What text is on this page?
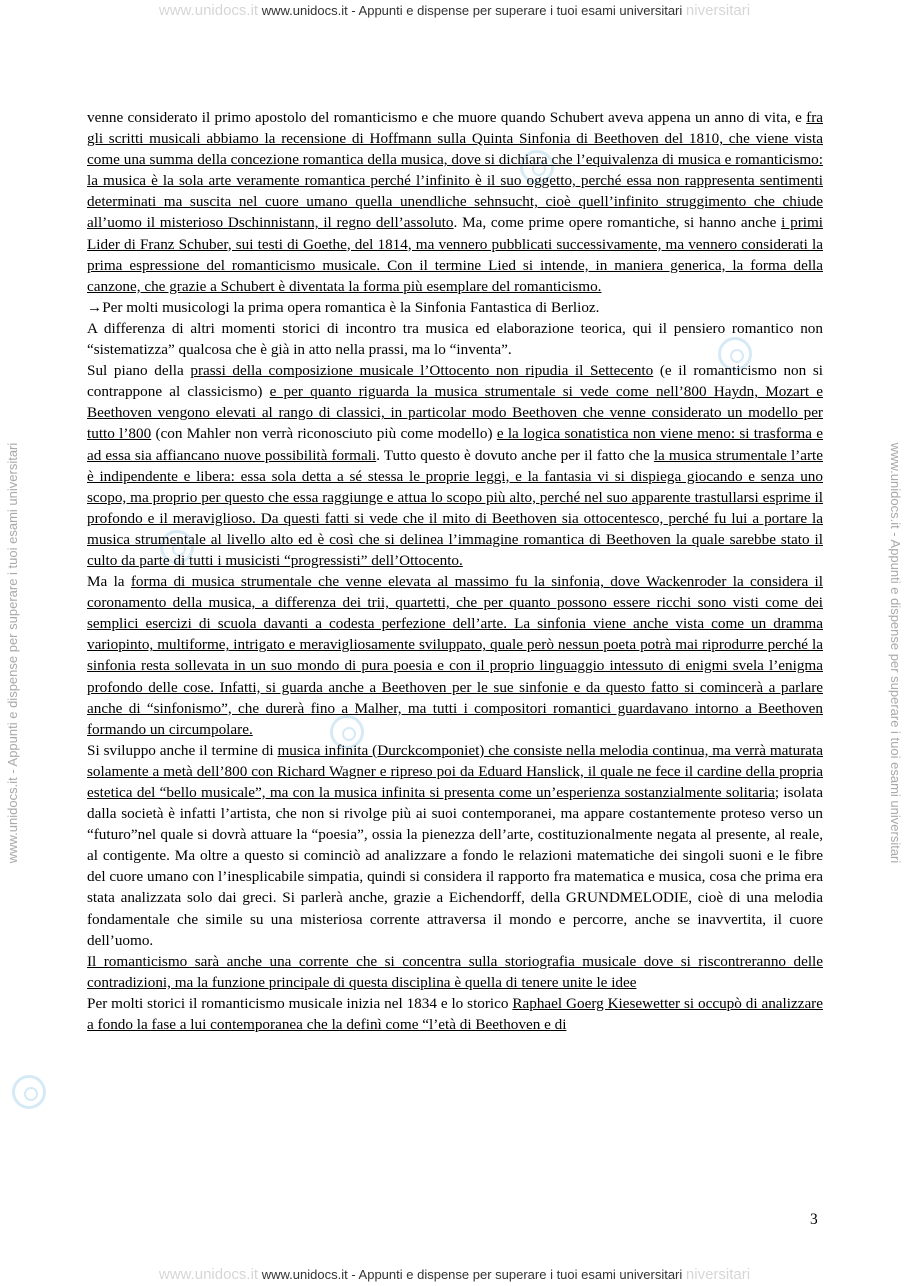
www.unidocs.it www.unidocs.it - Appunti e dispense per superare i tuoi esami universitari niversitari
www.unidocs.it - Appunti e dispense per superare i tuoi esami universitari	www.unidocs.it - Appunti e dispense per superare i tuoi esami universitari

venne considerato il primo apostolo del romanticismo e che muore quando Schubert aveva appena un anno di vita, e fra gli scritti musicali abbiamo la recensione di Hoffmann sulla Quinta Sinfonia di Beethoven del 1810, che viene vista come una summa della concezione romantica della musica, dove si dichiara che l’equivalenza di musica e romanticismo: la musica è la sola arte veramente romantica perché l’infinito è il suo oggetto, perché essa non rappresenta sentimenti determinati ma suscita nel cuore umano quella unendliche sehnsucht, cioè quell’infinito struggimento che chiude all’uomo il misterioso Dschinnistann, il regno dell’assoluto. Ma, come prime opere romantiche, si hanno anche i primi Lider di Franz Schuber, sui testi di Goethe, del 1814, ma vennero pubblicati successivamente, ma vennero considerati la prima espressione del romanticismo musicale. Con il termine Lied si intende, in maniera generica, la forma della canzone, che grazie a Schubert è diventata la forma più esemplare del romanticismo.

→Per molti musicologi la prima opera romantica è la Sinfonia Fantastica di Berlioz.

A differenza di altri momenti storici di incontro tra musica ed elaborazione teorica, qui il pensiero romantico non “sistematizza” qualcosa che è già in atto nella prassi, ma lo “inventa”.

Sul piano della prassi della composizione musicale l’Ottocento non ripudia il Settecento (e il romanticismo non si contrappone al classicismo) e per quanto riguarda la musica strumentale si vede come nell’800 Haydn, Mozart e Beethoven vengono elevati al rango di classici, in particolar modo Beethoven che venne considerato un modello per tutto l’800 (con Mahler non verrà riconosciuto più come modello) e la logica sonatistica non viene meno: si trasforma e ad essa sia affiancano nuove possibilità formali. Tutto questo è dovuto anche per il fatto che la musica strumentale l’arte è indipendente e libera: essa sola detta a sé stessa le proprie leggi, e la fantasia vi si dispiega giocando e senza uno scopo, ma proprio per questo che essa raggiunge e attua lo scopo più alto, perché nel suo apparente trastullarsi esprime il profondo e il meraviglioso. Da questi fatti si vede che il mito di Beethoven sia ottocentesco, perché fu lui a portare la musica strumentale al livello alto ed è così che si delinea l’immagine romantica di Beethoven la quale sarebbe stato il culto da parte di tutti i musicisti “progressisti” dell’Ottocento.

Ma la forma di musica strumentale che venne elevata al massimo fu la sinfonia, dove Wackenroder la considera il coronamento della musica, a differenza dei trii, quartetti, che per quanto possono essere ricchi sono visti come dei semplici esercizi di scuola davanti a codesta perfezione dell’arte. La sinfonia viene anche vista come un dramma variopinto, multiforme, intrigato e meravigliosamente sviluppato, quale però nessun poeta potrà mai riprodurre perché la sinfonia resta sollevata in un suo mondo di pura poesia e con il proprio linguaggio intessuto di enigmi svela l’enigma profondo delle cose. Infatti, si guarda anche a Beethoven per le sue sinfonie e da questo fatto si comincerà a parlare anche di “sinfonismo”, che durerà fino a Malher, ma tutti i compositori romantici guardavano intorno a Beethoven formando un circumpolare.

Si sviluppo anche il termine di musica infinita (Durckcomponiet) che consiste nella melodia continua, ma verrà maturata solamente a metà dell’800 con Richard Wagner e ripreso poi da Eduard Hanslick, il quale ne fece il cardine della propria estetica del “bello musicale”, ma con la musica infinita si presenta come un’esperienza sostanzialmente solitaria; isolata dalla società è infatti l’artista, che non si rivolge più ai suoi contemporanei, ma appare costantemente proteso verso un “futuro”nel quale si dovrà attuare la “poesia”, ossia la pienezza dell’arte, costituzionalmente negata al presente, al reale, al contigente. Ma oltre a questo si cominciò ad analizzare a fondo le relazioni matematiche dei singoli suoni e le fibre del cuore umano con l’inesplicabile simpatia, quindi si considera il rapporto fra matematica e musica, cosa che prima era stata analizzata solo dai greci. Si parlerà anche, grazie a Eichendorff, della GRUNDMELODIE, cioè di una melodia fondamentale che simile su una misteriosa corrente attraversa il mondo e percorre, anche se inavvertita, il cuore dell’uomo.

Il romanticismo sarà anche una corrente che si concentra sulla storiografia musicale dove si riscontreranno delle contradizioni, ma la funzione principale di questa disciplina è quella di tenere unite le idee

Per molti storici il romanticismo musicale inizia nel 1834 e lo storico Raphael Goerg Kiesewetter si occupò di analizzare a fondo la fase a lui contemporanea che la definì come “l’età di Beethoven e di

3
www.unidocs.it www.unidocs.it - Appunti e dispense per superare i tuoi esami universitari niversitari
